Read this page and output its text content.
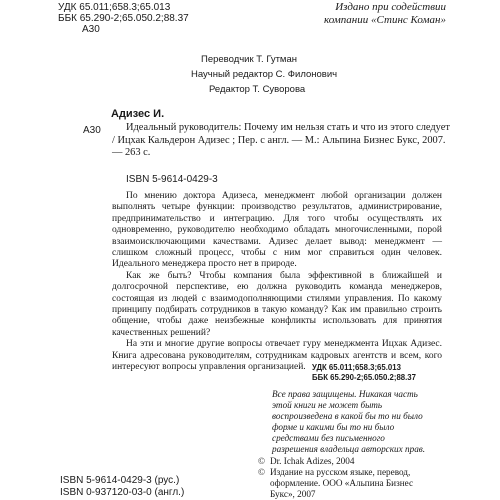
УДК 65.011;658.3;65.013
ББК 65.290-2;65.050.2;88.37
А30
Издано при содействии
компании «Стинс Коман»
Переводчик Т. Гутман
Научный редактор С. Филонович
Редактор Т. Суворова
Адизес И.
А30	Идеальный руководитель: Почему им нельзя стать и что из этого следует / Ицхак Кальдерон Адизес ; Пер. с англ. — М.: Альпина Бизнес Букс, 2007. — 263 с.
ISBN 5-9614-0429-3

По мнению доктора Адизеса, менеджмент любой организации должен выполнять четыре функции: производство результатов, администрирование, предпринимательство и интеграцию. Для того чтобы осуществлять их одновременно, руководителю необходимо обладать многочисленными, порой взаимоисключающими качествами. Адизес делает вывод: менеджмент — слишком сложный процесс, чтобы с ним мог справиться один человек. Идеального менеджера просто нет в природе.

Как же быть? Чтобы компания была эффективной в ближайшей и долгосрочной перспективе, ею должна руководить команда менеджеров, состоящая из людей с взаимодополняющими стилями управления. По какому принципу подбирать сотрудников в такую команду? Как им правильно строить общение, чтобы даже неизбежные конфликты использовать для принятия качественных решений?

На эти и многие другие вопросы отвечает гуру менеджмента Ицхак Адизес. Книга адресована руководителям, сотрудникам кадровых агентств и всем, кого интересуют вопросы управления организацией. УДК 65.011;658.3;65.013
ББК 65.290-2;65.050.2;88.37
Все права защищены. Никакая часть этой книги не может быть воспроизведена в какой бы то ни было форме и какими бы то ни было средствами без письменного разрешения владельца авторских прав.
© Dr. Ichak Adizes, 2004
© Издание на русском языке, перевод, оформление. ООО «Альпина Бизнес Букс», 2007
ISBN 5-9614-0429-3 (рус.)
ISBN 0-937120-03-0 (англ.)
